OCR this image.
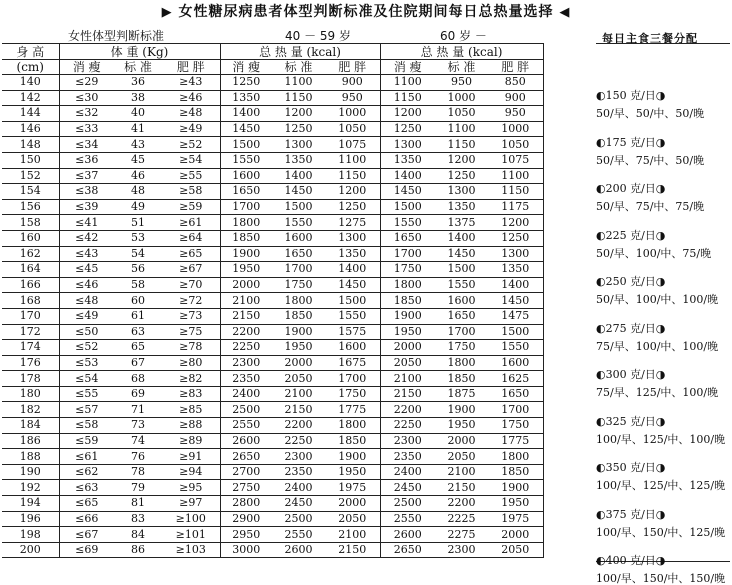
▶ 女性糖尿病患者体型判断标准及住院期间每日总热量选择 ◀
女性体型判断标准	40 － 59 岁	60 岁 －	每日主食三餐分配
身 高	体 重 (Kg)			总 热 量 (kcal)			总 热 量 (kcal)		
(cm)	消 瘦	标 准	肥 胖	消 瘦	标 准	肥 胖	消 瘦	标 准	肥 胖
140	≤29	36	≥43	1250	1100	900	1100	950	850
142	≤30	38	≥46	1350	1150	950	1150	1000	900
144	≤32	40	≥48	1400	1200	1000	1200	1050	950
146	≤33	41	≥49	1450	1250	1050	1250	1100	1000
148	≤34	43	≥52	1500	1300	1075	1300	1150	1050
150	≤36	45	≥54	1550	1350	1100	1350	1200	1075
152	≤37	46	≥55	1600	1400	1150	1400	1250	1100
154	≤38	48	≥58	1650	1450	1200	1450	1300	1150
156	≤39	49	≥59	1700	1500	1250	1500	1350	1175
158	≤41	51	≥61	1800	1550	1275	1550	1375	1200
160	≤42	53	≥64	1850	1600	1300	1650	1400	1250
162	≤43	54	≥65	1900	1650	1350	1700	1450	1300
164	≤45	56	≥67	1950	1700	1400	1750	1500	1350
166	≤46	58	≥70	2000	1750	1450	1800	1550	1400
168	≤48	60	≥72	2100	1800	1500	1850	1600	1450
170	≤49	61	≥73	2150	1850	1550	1900	1650	1475
172	≤50	63	≥75	2200	1900	1575	1950	1700	1500
174	≤52	65	≥78	2250	1950	1600	2000	1750	1550
176	≤53	67	≥80	2300	2000	1675	2050	1800	1600
178	≤54	68	≥82	2350	2050	1700	2100	1850	1625
180	≤55	69	≥83	2400	2100	1750	2150	1875	1650
182	≤57	71	≥85	2500	2150	1775	2200	1900	1700
184	≤58	73	≥88	2550	2200	1800	2250	1950	1750
186	≤59	74	≥89	2600	2250	1850	2300	2000	1775
188	≤61	76	≥91	2650	2300	1900	2350	2050	1800
190	≤62	78	≥94	2700	2350	1950	2400	2100	1850
192	≤63	79	≥95	2750	2400	1975	2450	2150	1900
194	≤65	81	≥97	2800	2450	2000	2500	2200	1950
196	≤66	83	≥100	2900	2500	2050	2550	2225	1975
198	≤67	84	≥101	2950	2550	2100	2600	2275	2000
200	≤69	86	≥103	3000	2600	2150	2650	2300	2050
◐150 克/日◑
50/早、50/中、50/晚
◐175 克/日◑
50/早、75/中、50/晚
◐200 克/日◑
50/早、75/中、75/晚
◐225 克/日◑
50/早、100/中、75/晚
◐250 克/日◑
50/早、100/中、100/晚
◐275 克/日◑
75/早、100/中、100/晚
◐300 克/日◑
75/早、125/中、100/晚
◐325 克/日◑
100/早、125/中、100/晚
◐350 克/日◑
100/早、125/中、125/晚
◐375 克/日◑
100/早、150/中、125/晚
◐400 克/日◑
100/早、150/中、150/晚
